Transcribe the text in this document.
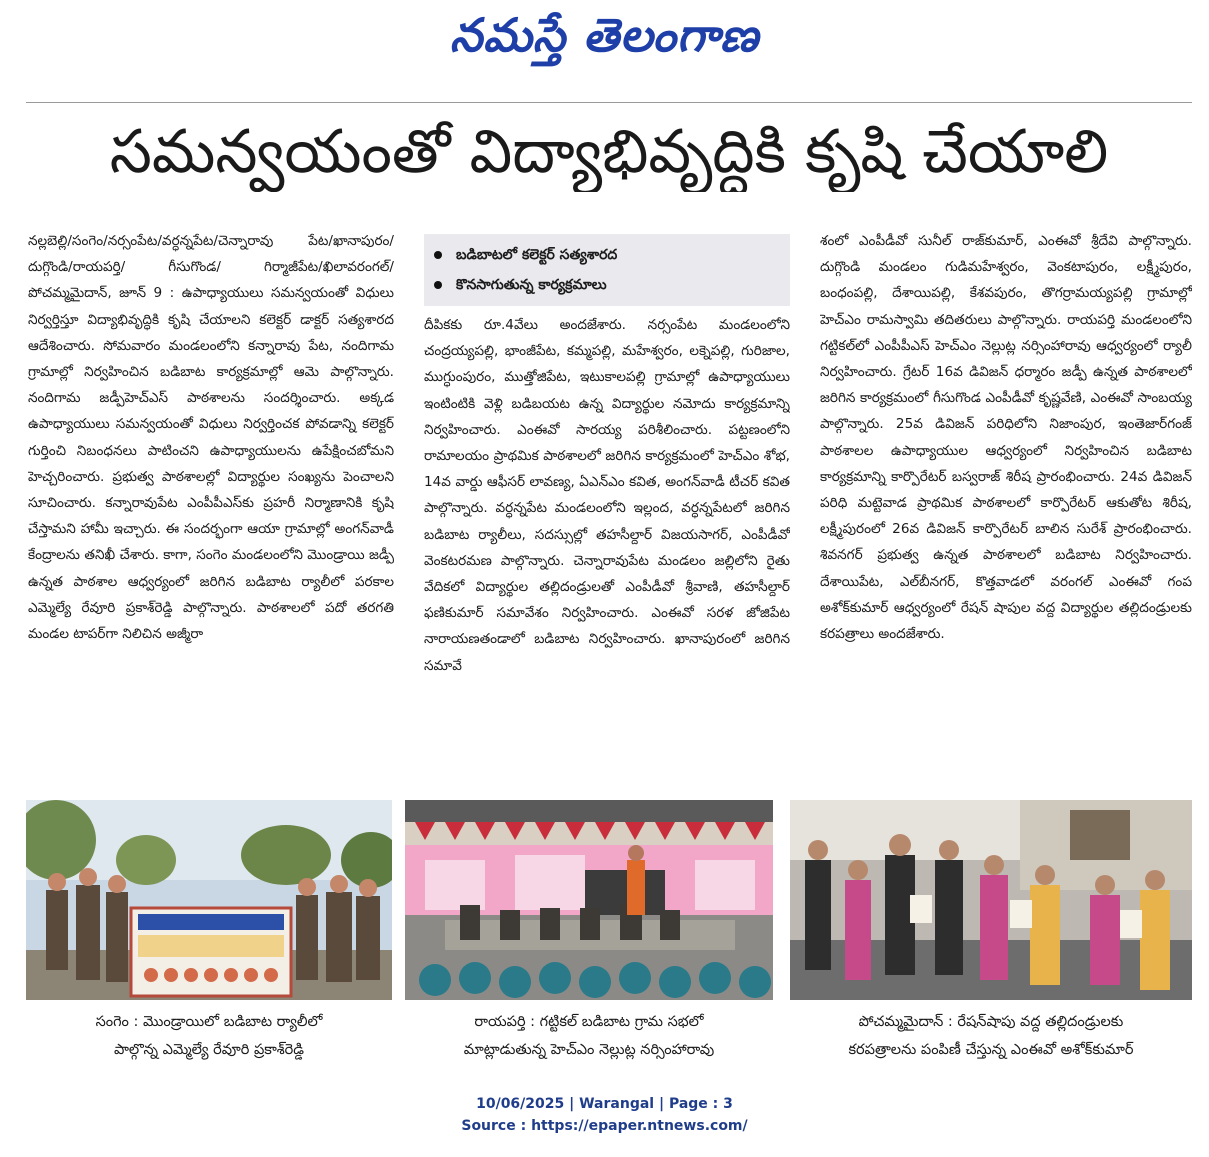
నమస్తే తెలంగాణ
సమన్వయంతో విద్యాభివృద్ధికి కృషి చేయాలి
నల్లబెల్లి/సంగెం/నర్సంపేట/వర్ధన్నపేట/చెన్నారావు పేట/ఖానాపురం/దుగ్గొండి/రాయపర్తి/ గీసుగొండ/ గిర్మాజీపేట/ఖిలావరంగల్/పోచమ్మమైదాన్, జూన్ 9 : ఉపాధ్యాయులు సమన్వయంతో విధులు నిర్వర్తిస్తూ విద్యాభివృద్ధికి కృషి చేయాలని కలెక్టర్ డాక్టర్ సత్యశారద ఆదేశించారు. సోమవారం మండలంలోని కన్నారావు పేట, నందిగామ గ్రామాల్లో నిర్వహించిన బడిబాట కార్యక్రమాల్లో ఆమె పాల్గొన్నారు. నందిగామ జడ్పీహెచ్ఎస్ పాఠశాలను సందర్శించారు. అక్కడ ఉపాధ్యాయులు సమన్వయంతో విధులు నిర్వర్తించక పోవడాన్ని కలెక్టర్ గుర్తించి నిబంధనలు పాటించని ఉపాధ్యాయులను ఉపేక్షించబోమని హెచ్చరించారు. ప్రభుత్వ పాఠశాలల్లో విద్యార్థుల సంఖ్యను పెంచాలని సూచించారు. కన్నారావుపేట ఎంపీపీఎస్‌కు ప్రహరీ నిర్మాణానికి కృషి చేస్తామని హామీ ఇచ్చారు. ఈ సందర్భంగా ఆయా గ్రామాల్లో అంగన్‌వాడీ కేంద్రాలను తనిఖీ చేశారు. కాగా, సంగెం మండలంలోని మొండ్రాయి జడ్పీ ఉన్నత పాఠశాల ఆధ్వర్యంలో జరిగిన బడిబాట ర్యాలీలో పరకాల ఎమ్మెల్యే రేవూరి ప్రకాశ్‌రెడ్డి పాల్గొన్నారు. పాఠశాలలో పదో తరగతి మండల టాపర్‌గా నిలిచిన అజ్మీరా
బడిబాటలో కలెక్టర్ సత్యశారద
కొనసాగుతున్న కార్యక్రమాలు
దీపికకు రూ.4వేలు అందజేశారు. నర్సంపేట మండలంలోని చంద్రయ్యపల్లి, భాంజీపేట, కమ్మపల్లి, మహేశ్వరం, లక్నెపల్లి, గురిజాల, ముగ్ధుంపురం, ముత్తోజిపేట, ఇటుకాలపల్లి గ్రామాల్లో ఉపాధ్యాయులు ఇంటింటికి వెళ్లి బడిబయట ఉన్న విద్యార్థుల నమోదు కార్యక్రమాన్ని నిర్వహించారు. ఎంఈవో సారయ్య పరిశీలించారు. పట్టణంలోని రామాలయం ప్రాథమిక పాఠశాలలో జరిగిన కార్యక్రమంలో హెచ్ఎం శోభ, 14వ వార్డు ఆఫీసర్ లావణ్య, ఏఎన్ఎం కవిత, అంగన్‌వాడీ టీచర్ కవిత పాల్గొన్నారు. వర్ధన్నపేట మండలంలోని ఇల్లంద, వర్ధన్నపేటలో జరిగిన బడిబాట ర్యాలీలు, సదస్సుల్లో తహసీల్దార్ విజయసాగర్, ఎంపీడీవో వెంకటరమణ పాల్గొన్నారు. చెన్నారావుపేట మండలం జల్లిలోని రైతు వేదికలో విద్యార్థుల తల్లిదండ్రులతో ఎంపీడీవో శ్రీవాణి, తహసీల్దార్ ఫణికుమార్ సమావేశం నిర్వహించారు. ఎంఈవో సరళ జోజిపేట నారాయణతండాలో బడిబాట నిర్వహించారు. ఖానాపురంలో జరిగిన సమావే
శంలో ఎంపీడీవో సునీల్ రాజ్‌కుమార్, ఎంఈవో శ్రీదేవి పాల్గొన్నారు. దుగ్గొండి మండలం గుడిమహేశ్వరం, వెంకటాపురం, లక్ష్మీపురం, బంధంపల్లి, దేశాయిపల్లి, కేశవపురం, తొగర్రామయ్యపల్లి గ్రామాల్లో హెచ్ఎం రామస్వామి తదితరులు పాల్గొన్నారు. రాయపర్తి మండలంలోని గట్టికల్‌లో ఎంపీపీఎస్ హెచ్ఎం నెల్లుట్ల నర్సింహారావు ఆధ్వర్యంలో ర్యాలీ నిర్వహించారు. గ్రేటర్ 16వ డివిజన్ ధర్మారం జడ్పీ ఉన్నత పాఠశాలలో జరిగిన కార్యక్రమంలో గీసుగొండ ఎంపీడీవో కృష్ణవేణి, ఎంఈవో సాంబయ్య పాల్గొన్నారు. 25వ డివిజన్ పరిధిలోని నిజాంపుర, ఇంతెజార్‌గంజ్ పాఠశాలల ఉపాధ్యాయుల ఆధ్వర్యంలో నిర్వహించిన బడిబాట కార్యక్రమాన్ని కార్పొరేటర్ బస్వరాజ్ శిరీష ప్రారంభించారు. 24వ డివిజన్ పరిధి మట్టెవాడ ప్రాథమిక పాఠశాలలో కార్పొరేటర్ ఆకుతోట శిరీష, లక్ష్మీపురంలో 26వ డివిజన్ కార్పొరేటర్ బాలిన సురేశ్ ప్రారంభించారు. శివనగర్ ప్రభుత్వ ఉన్నత పాఠశాలలో బడిబాట నిర్వహించారు. దేశాయిపేట, ఎల్‌బీనగర్, కొత్తవాడలో వరంగల్ ఎంఈవో గంప అశోక్‌కుమార్ ఆధ్వర్యంలో రేషన్ షాపుల వద్ద విద్యార్థుల తల్లిదండ్రులకు కరపత్రాలు అందజేశారు.
సంగెం : మొండ్రాయిలో బడిబాట ర్యాలీలో
పాల్గొన్న ఎమ్మెల్యే రేవూరి ప్రకాశ్‌రెడ్డి
రాయపర్తి : గట్టికల్ బడిబాట గ్రామ సభలో
మాట్లాడుతున్న హెచ్ఎం నెల్లుట్ల నర్సింహారావు
పోచమ్మమైదాన్ : రేషన్‌షాపు వద్ద తల్లిదండ్రులకు
కరపత్రాలను పంపిణీ చేస్తున్న ఎంఈవో అశోక్‌కుమార్
10/06/2025 | Warangal | Page : 3
Source : https://epaper.ntnews.com/
